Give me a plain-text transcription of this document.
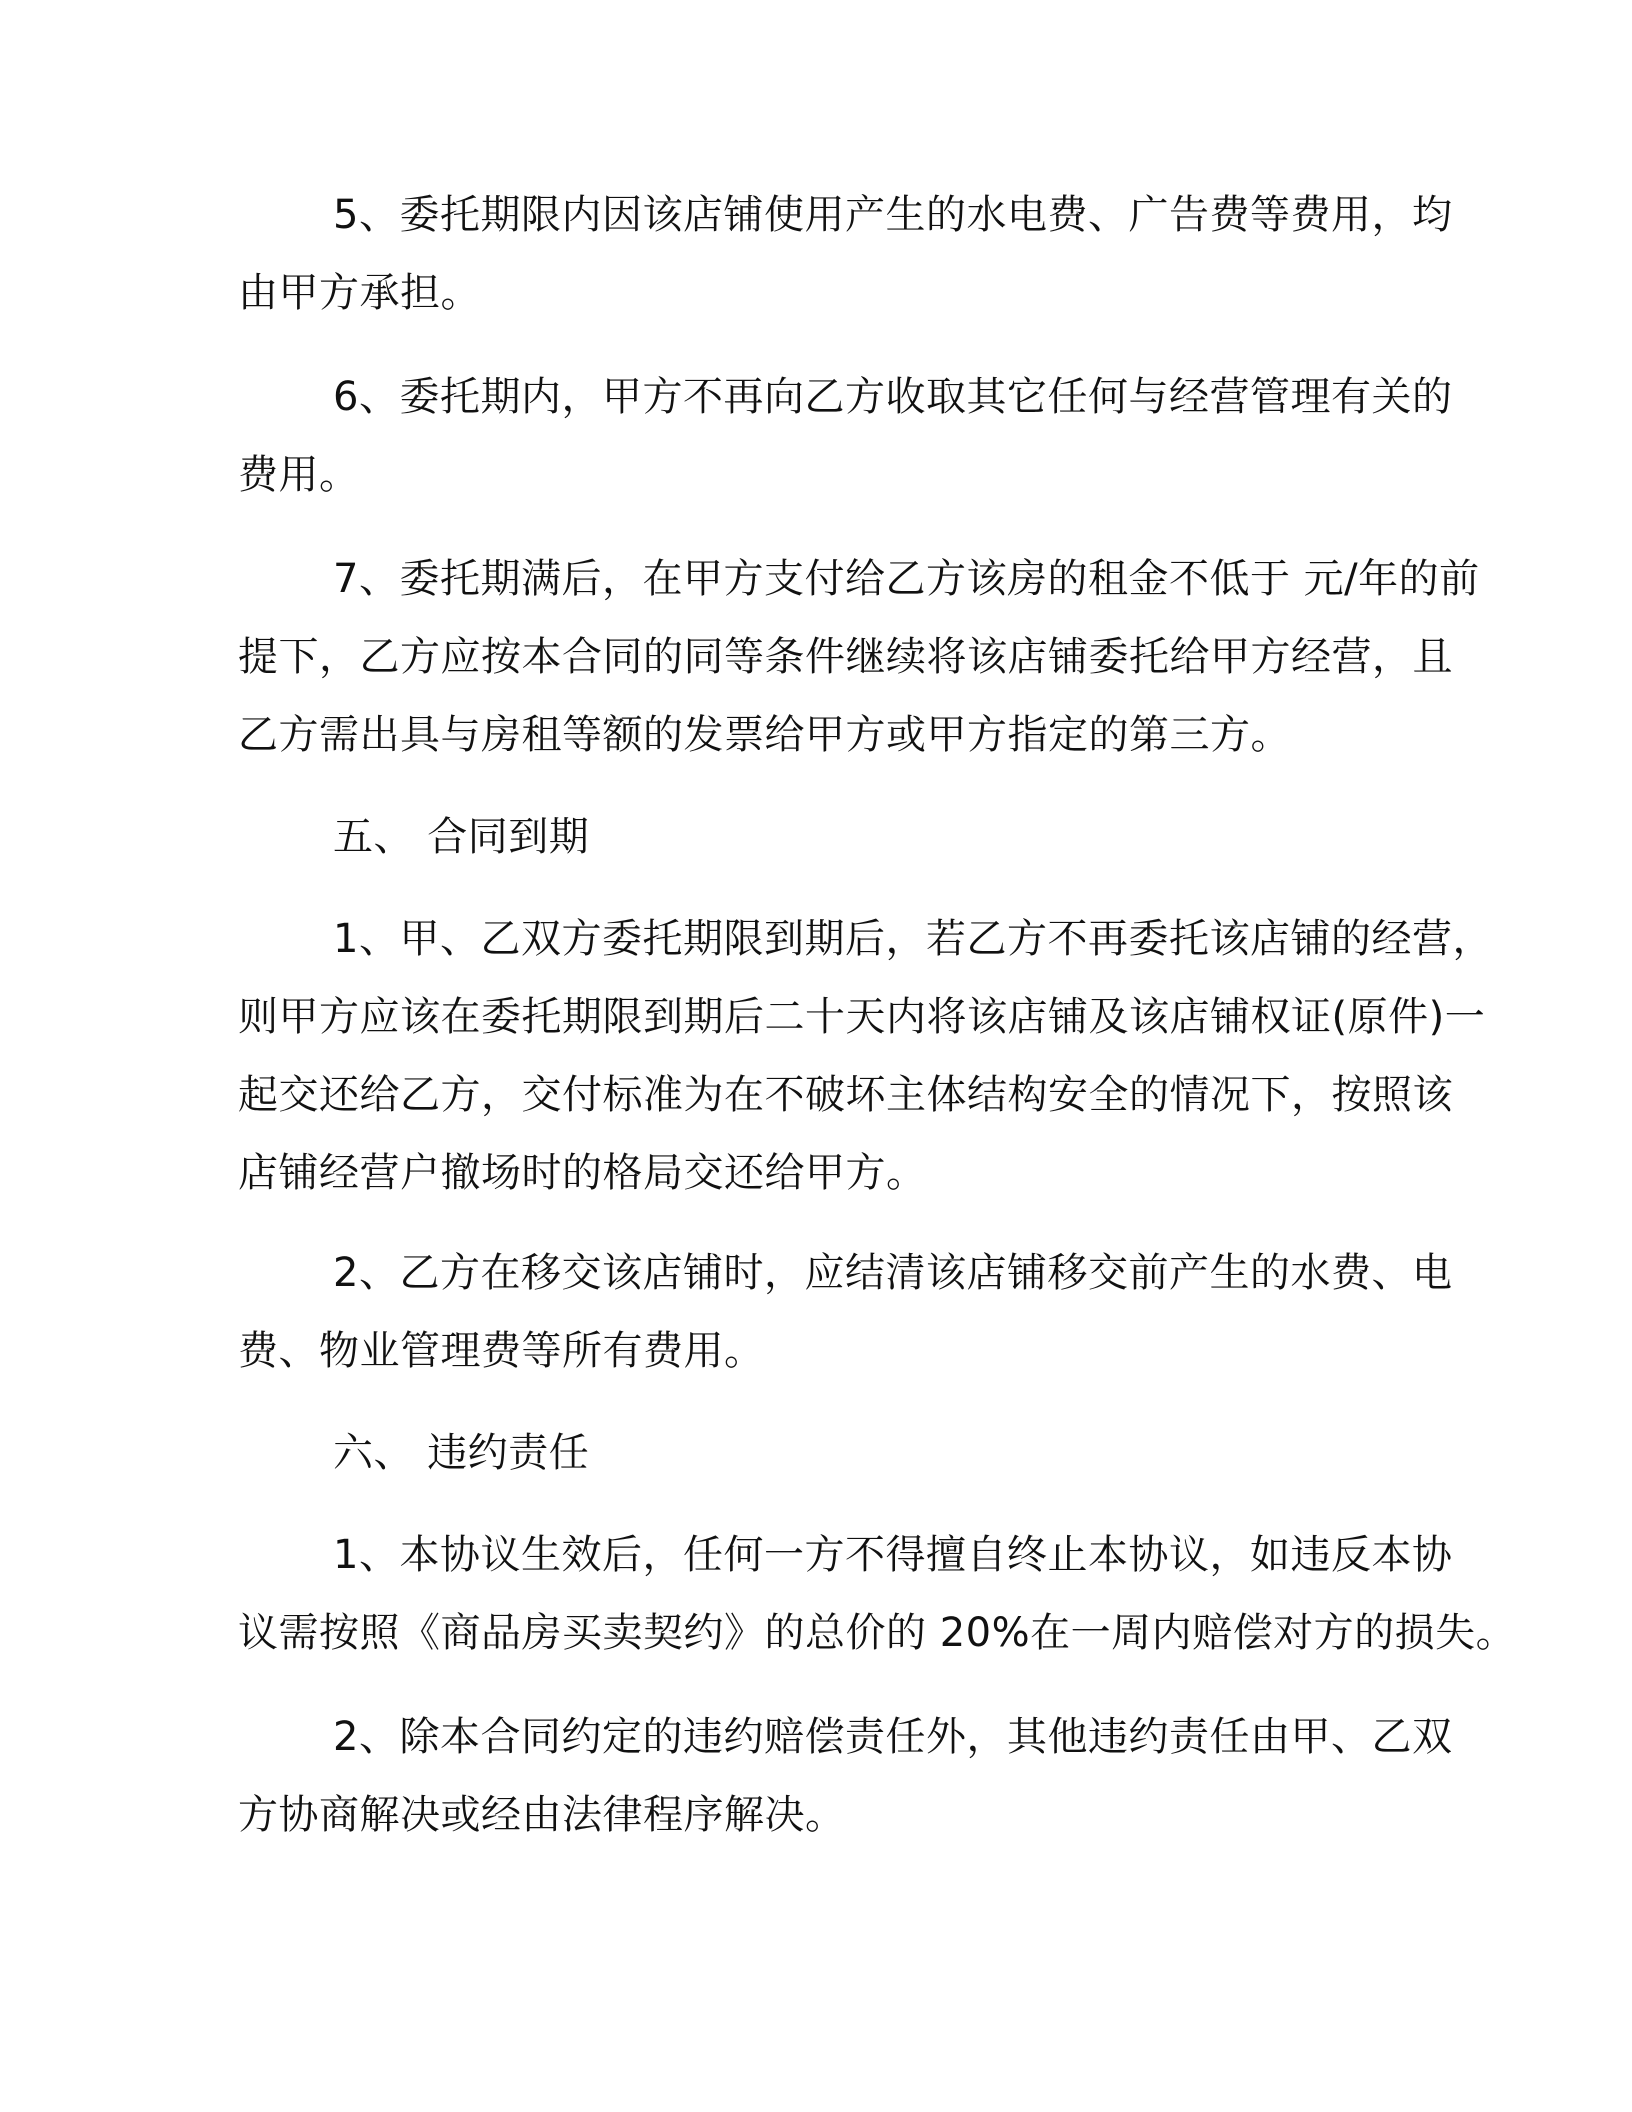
5、委托期限内因该店铺使用产生的水电费、广告费等费用，均

由甲方承担。

6、委托期内，甲方不再向乙方收取其它任何与经营管理有关的

费用。

7、委托期满后，在甲方支付给乙方该房的租金不低于 元/年的前

提下，乙方应按本合同的同等条件继续将该店铺委托给甲方经营，且

乙方需出具与房租等额的发票给甲方或甲方指定的第三方。

五、 合同到期

1、甲、乙双方委托期限到期后，若乙方不再委托该店铺的经营，

则甲方应该在委托期限到期后二十天内将该店铺及该店铺权证(原件)一

起交还给乙方，交付标准为在不破坏主体结构安全的情况下，按照该

店铺经营户撤场时的格局交还给甲方。

2、乙方在移交该店铺时，应结清该店铺移交前产生的水费、电

费、物业管理费等所有费用。

六、 违约责任

1、本协议生效后，任何一方不得擅自终止本协议，如违反本协

议需按照《商品房买卖契约》的总价的 20%在一周内赔偿对方的损失。

2、除本合同约定的违约赔偿责任外，其他违约责任由甲、乙双

方协商解决或经由法律程序解决。
